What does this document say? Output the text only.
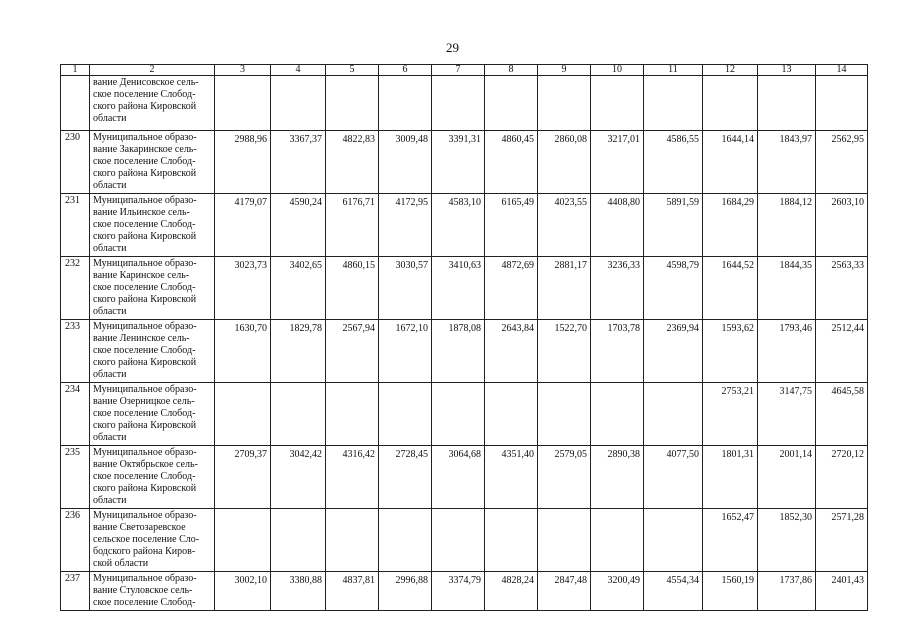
29
1	2	3	4	5	6	7	8	9	10	11	12	13	14
	вание Денисовское сель-
ское поселение Слобод-
ского района Кировской
области												
230	Муниципальное образо-
вание Закаринское сель-
ское поселение Слобод-
ского района Кировской
области	2988,96	3367,37	4822,83	3009,48	3391,31	4860,45	2860,08	3217,01	4586,55	1644,14	1843,97	2562,95
231	Муниципальное образо-
вание Ильинское сель-
ское поселение Слобод-
ского района Кировской
области	4179,07	4590,24	6176,71	4172,95	4583,10	6165,49	4023,55	4408,80	5891,59	1684,29	1884,12	2603,10
232	Муниципальное образо-
вание Каринское сель-
ское поселение Слобод-
ского района Кировской
области	3023,73	3402,65	4860,15	3030,57	3410,63	4872,69	2881,17	3236,33	4598,79	1644,52	1844,35	2563,33
233	Муниципальное образо-
вание Ленинское сель-
ское поселение Слобод-
ского района Кировской
области	1630,70	1829,78	2567,94	1672,10	1878,08	2643,84	1522,70	1703,78	2369,94	1593,62	1793,46	2512,44
234	Муниципальное образо-
вание Озерницкое сель-
ское поселение Слобод-
ского района Кировской
области										2753,21	3147,75	4645,58
235	Муниципальное образо-
вание Октябрьское сель-
ское поселение Слобод-
ского района Кировской
области	2709,37	3042,42	4316,42	2728,45	3064,68	4351,40	2579,05	2890,38	4077,50	1801,31	2001,14	2720,12
236	Муниципальное образо-
вание Светозаревское
сельское поселение Сло-
бодского района Киров-
ской области										1652,47	1852,30	2571,28
237	Муниципальное образо-
вание Стуловское сель-
ское поселение Слобод-	3002,10	3380,88	4837,81	2996,88	3374,79	4828,24	2847,48	3200,49	4554,34	1560,19	1737,86	2401,43
